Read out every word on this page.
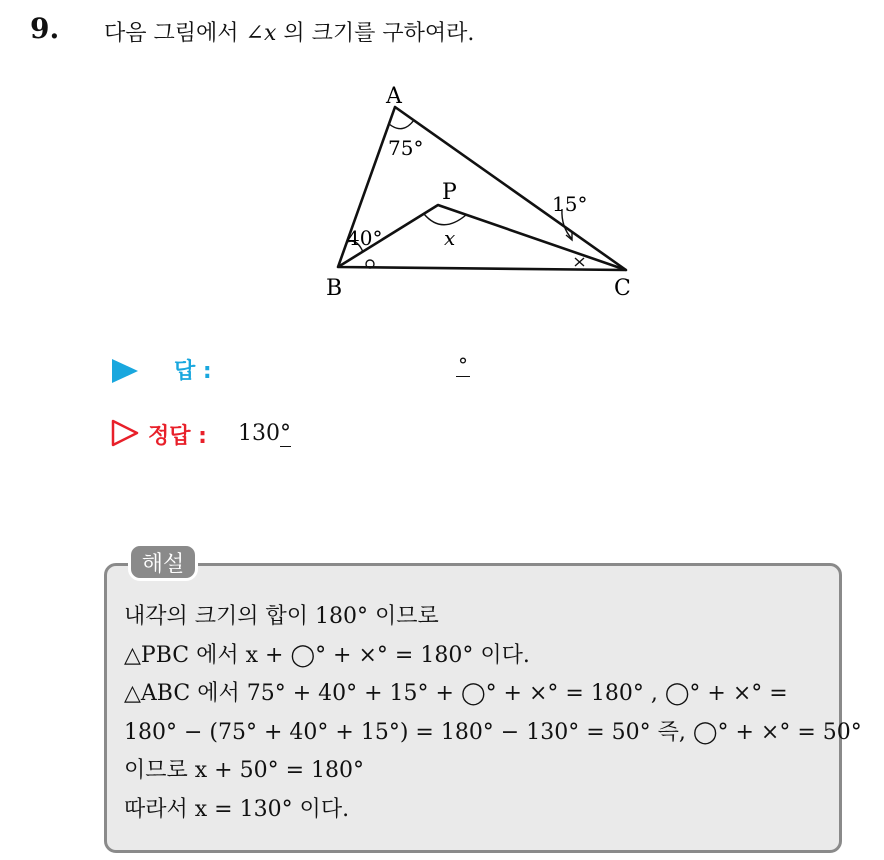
9. 다음 그림에서 ∠x 의 크기를 구하여라.
A
B	C
P
75°
40°
15°
x
답 :	°
정답 : 130°
해설
내각의 크기의 합이 180° 이므로
△PBC 에서 x + ◯° + ×° = 180° 이다.
△ABC 에서 75° + 40° + 15° + ◯° + ×° = 180° , ◯° + ×° =
180° − (75° + 40° + 15°) = 180° − 130° = 50° 즉, ◯° + ×° = 50°
이므로 x + 50° = 180°
따라서 x = 130° 이다.
